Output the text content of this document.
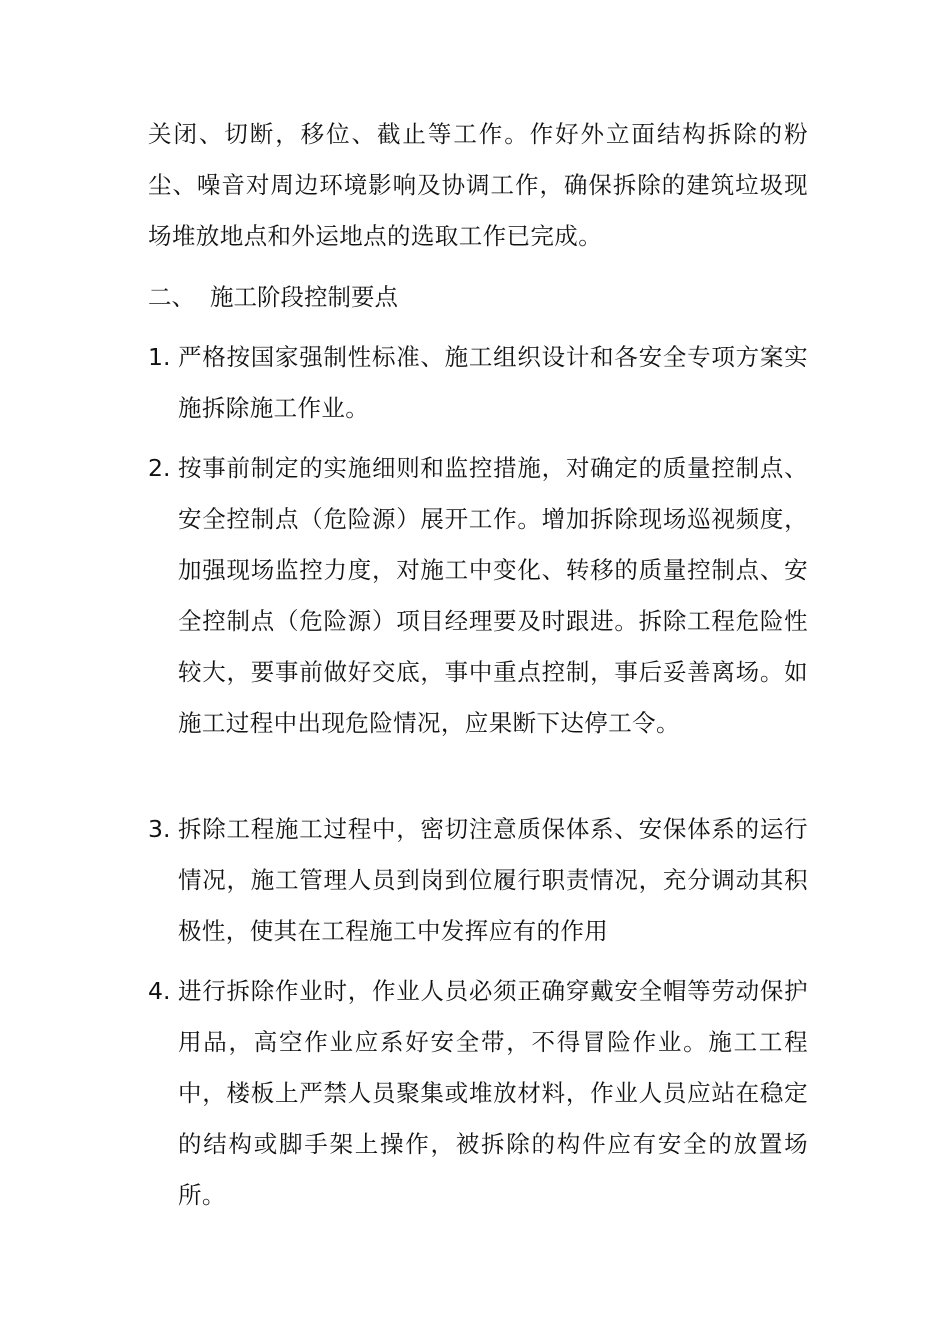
关闭、切断，移位、截止等工作。作好外立面结构拆除的粉尘、噪音对周边环境影响及协调工作，确保拆除的建筑垃圾现场堆放地点和外运地点的选取工作已完成。
二、 施工阶段控制要点
1. 严格按国家强制性标准、施工组织设计和各安全专项方案实施拆除施工作业。
2. 按事前制定的实施细则和监控措施，对确定的质量控制点、安全控制点（危险源）展开工作。增加拆除现场巡视频度，加强现场监控力度，对施工中变化、转移的质量控制点、安全控制点（危险源）项目经理要及时跟进。拆除工程危险性较大，要事前做好交底，事中重点控制，事后妥善离场。如施工过程中出现危险情况，应果断下达停工令。
3. 拆除工程施工过程中，密切注意质保体系、安保体系的运行情况，施工管理人员到岗到位履行职责情况，充分调动其积极性，使其在工程施工中发挥应有的作用
4. 进行拆除作业时，作业人员必须正确穿戴安全帽等劳动保护用品，高空作业应系好安全带，不得冒险作业。施工工程中，楼板上严禁人员聚集或堆放材料，作业人员应站在稳定的结构或脚手架上操作，被拆除的构件应有安全的放置场所。
